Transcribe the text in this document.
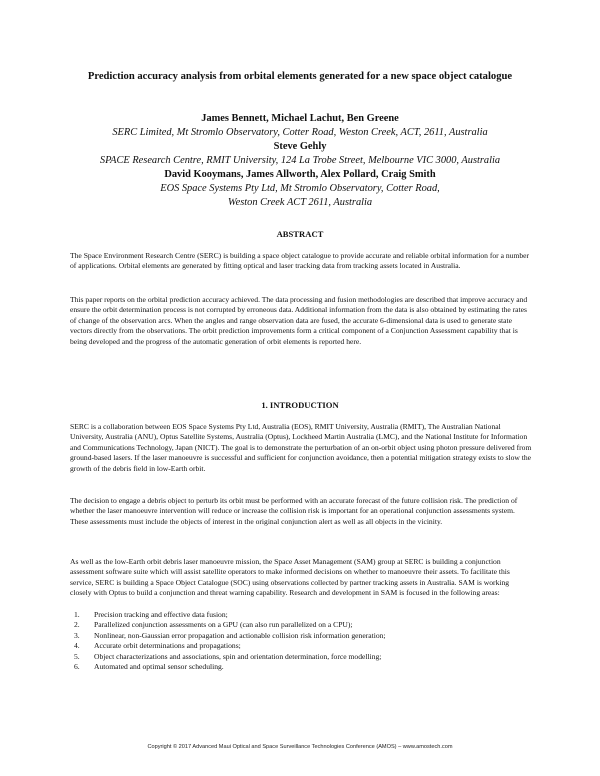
Prediction accuracy analysis from orbital elements generated for a new space object catalogue
James Bennett, Michael Lachut, Ben Greene
SERC Limited, Mt Stromlo Observatory, Cotter Road, Weston Creek, ACT, 2611, Australia
Steve Gehly
SPACE Research Centre, RMIT University, 124 La Trobe Street, Melbourne VIC 3000, Australia
David Kooymans, James Allworth, Alex Pollard, Craig Smith
EOS Space Systems Pty Ltd, Mt Stromlo Observatory, Cotter Road, Weston Creek ACT 2611, Australia
ABSTRACT
The Space Environment Research Centre (SERC) is building a space object catalogue to provide accurate and reliable orbital information for a number of applications. Orbital elements are generated by fitting optical and laser tracking data from tracking assets located in Australia.
This paper reports on the orbital prediction accuracy achieved. The data processing and fusion methodologies are described that improve accuracy and ensure the orbit determination process is not corrupted by erroneous data. Additional information from the data is also obtained by estimating the rates of change of the observation arcs. When the angles and range observation data are fused, the accurate 6-dimensional data is used to generate state vectors directly from the observations. The orbit prediction improvements form a critical component of a Conjunction Assessment capability that is being developed and the progress of the automatic generation of orbit elements is reported here.
1. INTRODUCTION
SERC is a collaboration between EOS Space Systems Pty Ltd, Australia (EOS), RMIT University, Australia (RMIT), The Australian National University, Australia (ANU), Optus Satellite Systems, Australia (Optus), Lockheed Martin Australia (LMC), and the National Institute for Information and Communications Technology, Japan (NICT). The goal is to demonstrate the perturbation of an on-orbit object using photon pressure delivered from ground-based lasers. If the laser manoeuvre is successful and sufficient for conjunction avoidance, then a potential mitigation strategy exists to slow the growth of the debris field in low-Earth orbit.
The decision to engage a debris object to perturb its orbit must be performed with an accurate forecast of the future collision risk. The prediction of whether the laser manoeuvre intervention will reduce or increase the collision risk is important for an operational conjunction assessments system. These assessments must include the objects of interest in the original conjunction alert as well as all objects in the vicinity.
As well as the low-Earth orbit debris laser manoeuvre mission, the Space Asset Management (SAM) group at SERC is building a conjunction assessment software suite which will assist satellite operators to make informed decisions on whether to manoeuvre their assets. To facilitate this service, SERC is building a Space Object Catalogue (SOC) using observations collected by partner tracking assets in Australia. SAM is working closely with Optus to build a conjunction and threat warning capability. Research and development in SAM is focused in the following areas:
1. Precision tracking and effective data fusion;
2. Parallelized conjunction assessments on a GPU (can also run parallelized on a CPU);
3. Nonlinear, non-Gaussian error propagation and actionable collision risk information generation;
4. Accurate orbit determinations and propagations;
5. Object characterizations and associations, spin and orientation determination, force modelling;
6. Automated and optimal sensor scheduling.
Copyright © 2017 Advanced Maui Optical and Space Surveillance Technologies Conference (AMOS) – www.amostech.com
